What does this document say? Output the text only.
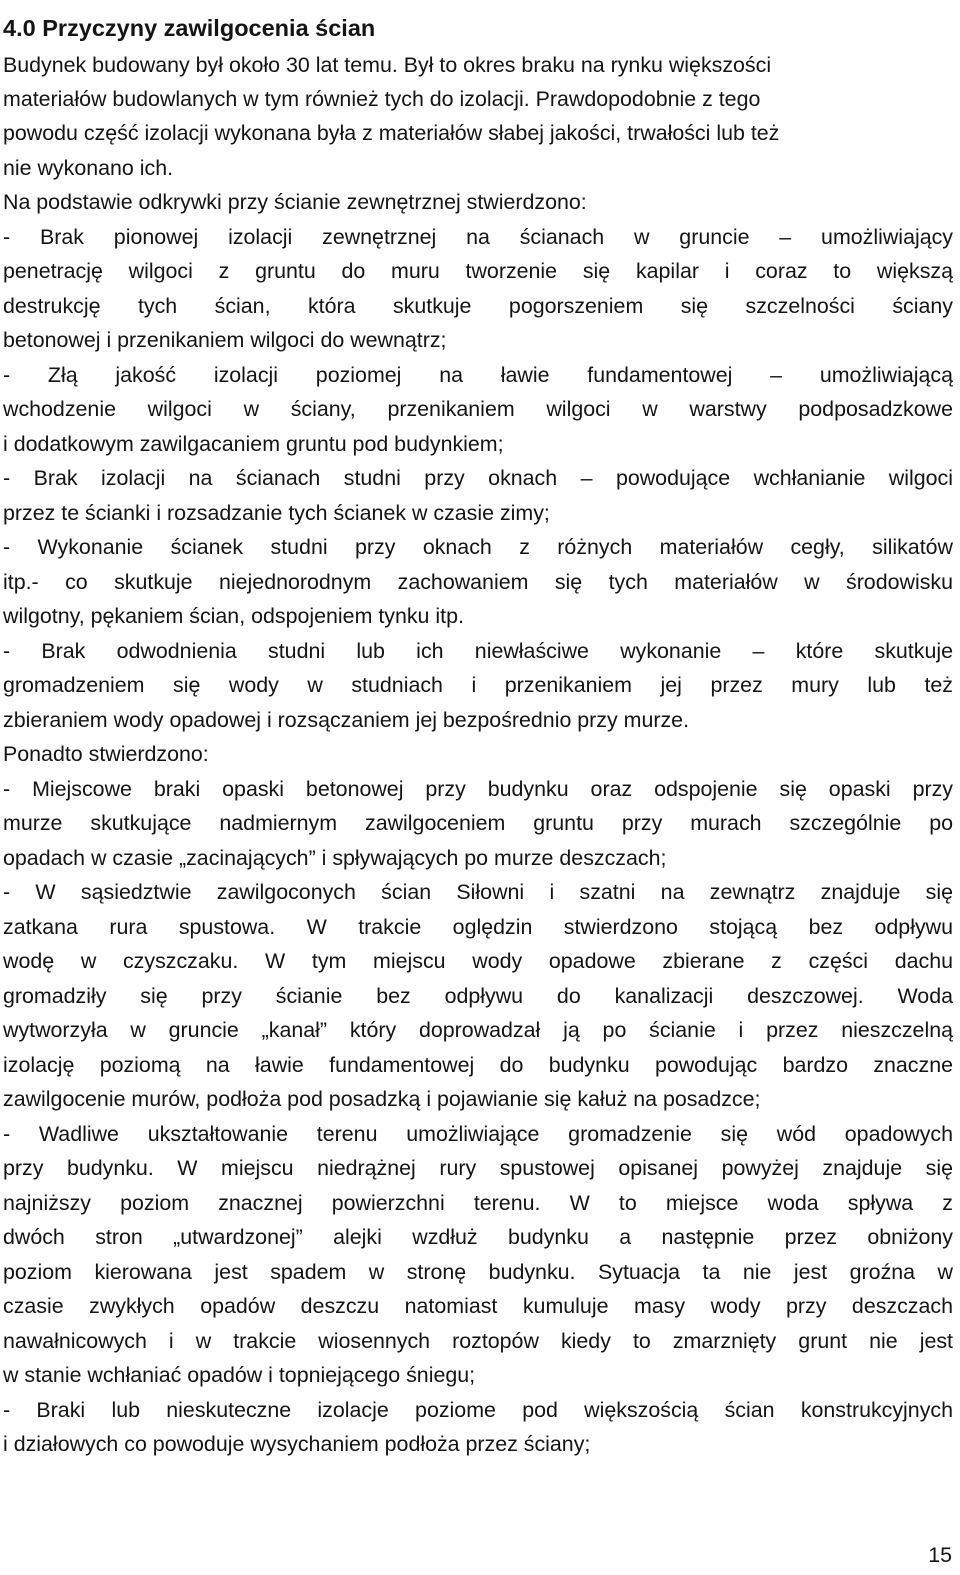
4.0 Przyczyny zawilgocenia ścian
Budynek budowany był około 30 lat temu. Był to okres braku na rynku większości
materiałów budowlanych w tym również tych do izolacji. Prawdopodobnie z tego
powodu część izolacji wykonana była z materiałów słabej jakości, trwałości lub też
nie wykonano ich.
Na podstawie odkrywki przy ścianie zewnętrznej stwierdzono:
- Brak pionowej izolacji zewnętrznej na ścianach w gruncie – umożliwiający
penetrację wilgoci z gruntu do muru tworzenie się kapilar i coraz to większą
destrukcję tych ścian, która skutkuje pogorszeniem się szczelności ściany
betonowej i przenikaniem wilgoci do wewnątrz;
- Złą jakość izolacji poziomej na ławie fundamentowej – umożliwiającą
wchodzenie wilgoci w ściany, przenikaniem wilgoci w warstwy podposadzkowe
i dodatkowym zawilgacaniem gruntu pod budynkiem;
- Brak izolacji na ścianach studni przy oknach – powodujące wchłanianie wilgoci
przez te ścianki i rozsadzanie tych ścianek w czasie zimy;
- Wykonanie ścianek studni przy oknach z różnych materiałów cegły, silikatów
itp.- co skutkuje niejednorodnym zachowaniem się tych materiałów w środowisku
wilgotny, pękaniem ścian, odspojeniem tynku itp.
- Brak odwodnienia studni lub ich niewłaściwe wykonanie – które skutkuje
gromadzeniem się wody w studniach i przenikaniem jej przez mury lub też
zbieraniem wody opadowej i rozsączaniem jej bezpośrednio przy murze.
Ponadto stwierdzono:
- Miejscowe braki opaski betonowej przy budynku oraz odspojenie się opaski przy
murze skutkujące nadmiernym zawilgoceniem gruntu przy murach szczególnie po
opadach w czasie „zacinających” i spływających po murze deszczach;
- W sąsiedztwie zawilgoconych ścian Siłowni i szatni na zewnątrz znajduje się
zatkana rura spustowa. W trakcie oględzin stwierdzono stojącą bez odpływu
wodę w czyszczaku. W tym miejscu wody opadowe zbierane z części dachu
gromadziły się przy ścianie bez odpływu do kanalizacji deszczowej. Woda
wytworzyła w gruncie „kanał” który doprowadzał ją po ścianie i przez nieszczelną
izolację poziomą na ławie fundamentowej do budynku powodując bardzo znaczne
zawilgocenie murów, podłoża pod posadzką i pojawianie się kałuż na posadzce;
- Wadliwe ukształtowanie terenu umożliwiające gromadzenie się wód opadowych
przy budynku. W miejscu niedrążnej rury spustowej opisanej powyżej znajduje się
najniższy poziom znacznej powierzchni terenu. W to miejsce woda spływa z
dwóch stron „utwardzonej” alejki wzdłuż budynku a następnie przez obniżony
poziom kierowana jest spadem w stronę budynku. Sytuacja ta nie jest groźna w
czasie zwykłych opadów deszczu natomiast kumuluje masy wody przy deszczach
nawałnicowych i w trakcie wiosennych roztopów kiedy to zmarznięty grunt nie jest
w stanie wchłaniać opadów i topniejącego śniegu;
- Braki lub nieskuteczne izolacje poziome pod większością ścian konstrukcyjnych
i działowych co powoduje wysychaniem podłoża przez ściany;
15
